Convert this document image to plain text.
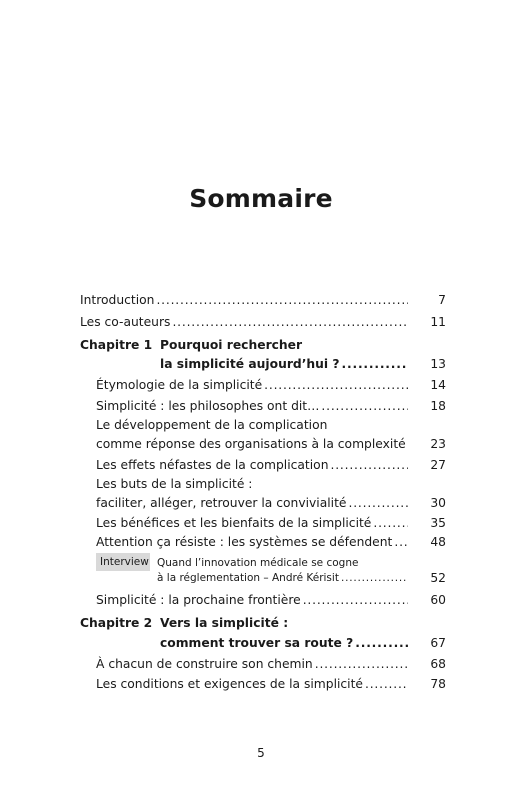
Sommaire
Introduction .....	7
Les co-auteurs .....	11
Chapitre 1 Pourquoi rechercher
la simplicité aujourd’hui ? .....	13
Étymologie de la simplicité .....	14
Simplicité : les philosophes ont dit… .....	18
Le développement de la complication
comme réponse des organisations à la complexité .....	23
Les effets néfastes de la complication .....	27
Les buts de la simplicité :
faciliter, alléger, retrouver la convivialité .....	30
Les bénéfices et les bienfaits de la simplicité .....	35
Attention ça résiste : les systèmes se défendent .....	48
Interview Quand l’innovation médicale se cogne
à la réglementation – André Kérisit .....	52
Simplicité : la prochaine frontière .....	60
Chapitre 2 Vers la simplicité :
comment trouver sa route ? .....	67
À chacun de construire son chemin .....	68
Les conditions et exigences de la simplicité .....	78
5
